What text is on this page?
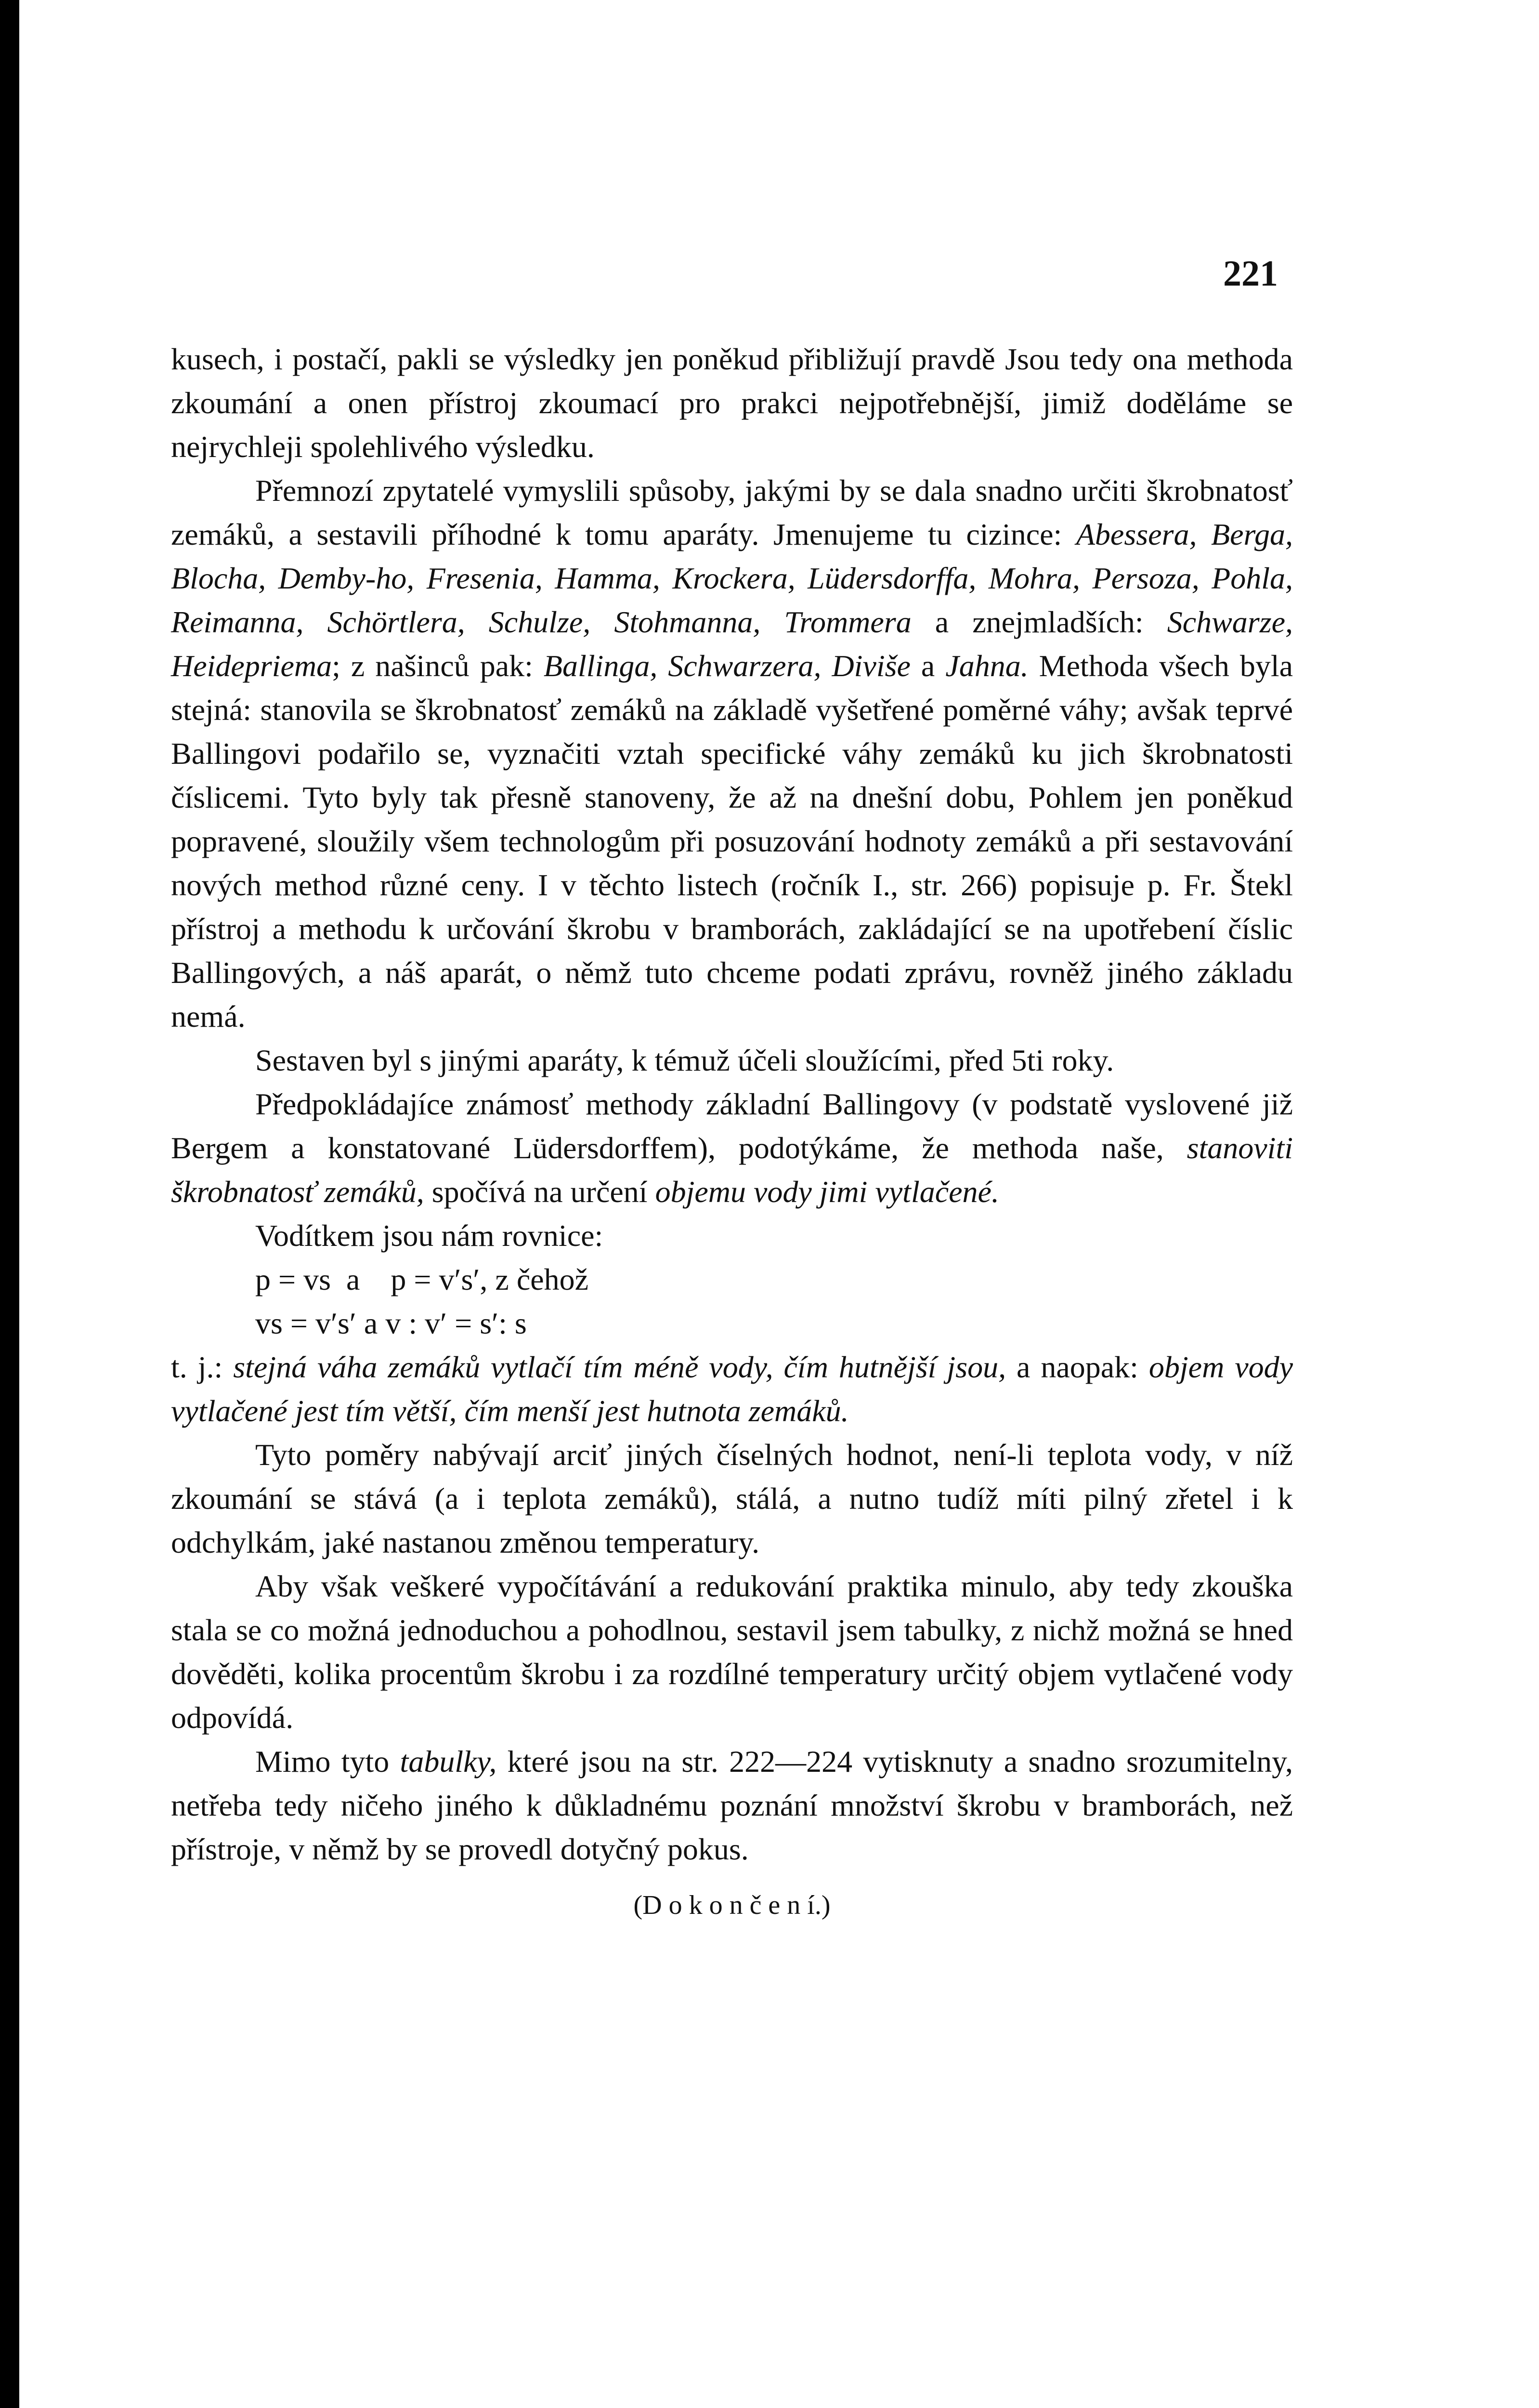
221

kusech, i postačí, pakli se výsledky jen poněkud přibližují pravdě Jsou tedy ona methoda zkoumání a onen přístroj zkoumací pro prakci nejpotřebnější, jimiž doděláme se nejrychleji spolehlivého výsledku.

Přemnozí zpytatelé vymyslili spůsoby, jakými by se dala snadno určiti škrobnatosť zemáků, a sestavili příhodné k tomu aparáty. Jmenujeme tu cizince: Abessera, Berga, Blocha, Demby-ho, Fresenia, Hamma, Krockera, Lüdersdorffa, Mohra, Persoza, Pohla, Reimanna, Schörtlera, Schulze, Stohmanna, Trommera a znejmladších: Schwarze, Heidepriema; z našinců pak: Ballinga, Schwarzera, Diviše a Jahna. Methoda všech byla stejná: stanovila se škrobnatosť zemáků na základě vyšetřené poměrné váhy; avšak teprvé Ballingovi podařilo se, vyznačiti vztah specifické váhy zemáků ku jich škrobnatosti číslicemi. Tyto byly tak přesně stanoveny, že až na dnešní dobu, Pohlem jen poněkud popravené, sloužily všem technologům při posuzování hodnoty zemáků a při sestavování nových method různé ceny. I v těchto listech (ročník I., str. 266) popisuje p. Fr. Štekl přístroj a methodu k určování škrobu v bramborách, zakládající se na upotřebení číslic Ballingových, a náš aparát, o němž tuto chceme podati zprávu, rovněž jiného základu nemá.

Sestaven byl s jinými aparáty, k témuž účeli sloužícími, před 5ti roky.

Předpokládajíce známosť methody základní Ballingovy (v podstatě vyslovené již Bergem a konstatované Lüdersdorffem), podotýkáme, že methoda naše, stanoviti škrobnatosť zemáků, spočívá na určení objemu vody jimi vytlačené.

Vodítkem jsou nám rovnice:

p = vs  a    p = v′s′, z čehož

vs = v′s′ a v : v′ = s′: s

t. j.: stejná váha zemáků vytlačí tím méně vody, čím hutnější jsou, a naopak: objem vody vytlačené jest tím větší, čím menší jest hutnota zemáků.

Tyto poměry nabývají arciť jiných číselných hodnot, není-li teplota vody, v níž zkoumání se stává (a i teplota zemáků), stálá, a nutno tudíž míti pilný zřetel i k odchylkám, jaké nastanou změnou temperatury.

Aby však veškeré vypočítávání a redukování praktika minulo, aby tedy zkouška stala se co možná jednoduchou a pohodlnou, sestavil jsem tabulky, z nichž možná se hned dověděti, kolika procentům škrobu i za rozdílné temperatury určitý objem vytlačené vody odpovídá.

Mimo tyto tabulky, které jsou na str. 222—224 vytisknuty a snadno srozumitelny, netřeba tedy ničeho jiného k důkladnému poznání množství škrobu v bramborách, než přístroje, v němž by se provedl dotyčný pokus.

(D o k o n č e n í.)
